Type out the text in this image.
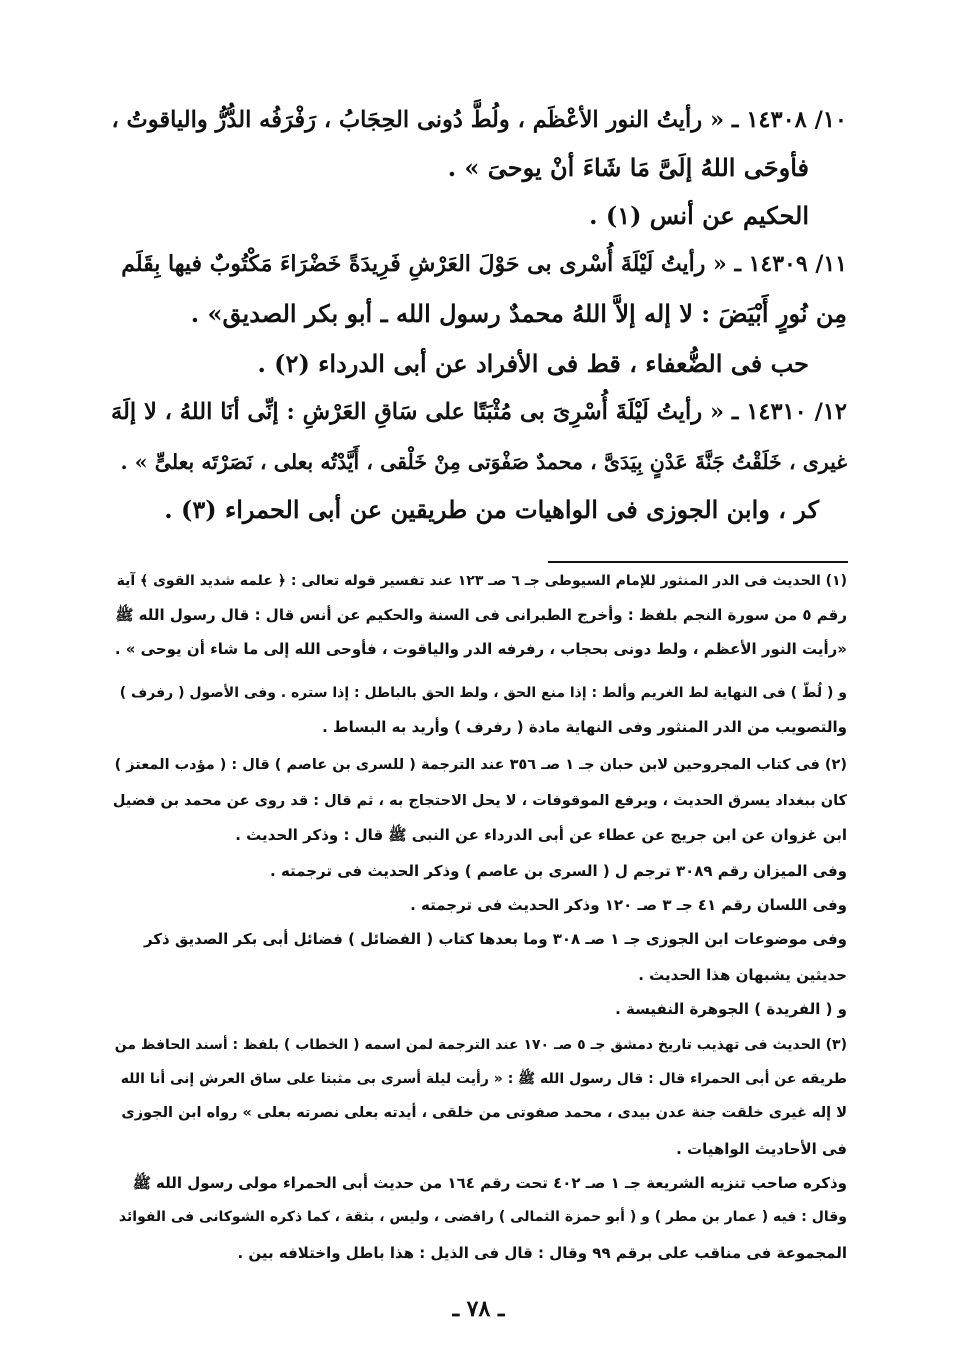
١٠/ ١٤٣٠٨ ـ « رأيتُ النور الأعْظَم ، ولُطَّ دُونى الحِجَابُ ، رَفْرَفُه الدُّرُّ والياقوتُ ،
فأوحَى اللهُ إلَىَّ مَا شَاءَ أنْ يوحىَ » .
الحكيم عن أنس (١) .
١١/ ١٤٣٠٩ ـ « رأيتُ لَيْلَةَ أُسْرى بى حَوْلَ العَرْشِ فَرِيدَةً خَضْرَاءَ مَكْتُوبٌ فيها بِقَلَم
مِن نُورٍ أَبْيَضَ : لا إله إلاَّ اللهُ محمدٌ رسول الله ـ أبو بكر الصديق» .
حب فى الضُّعفاء ، قط فى الأفراد عن أبى الدرداء (٢) .
١٢/ ١٤٣١٠ ـ « رأيتُ لَيْلَةَ أُسْرِىَ بى مُثْبَتًا على سَاقِ العَرْشِ : إنِّى أنَا اللهُ ، لا إلَهَ
غيرى ، خَلَقْتُ جَنَّةَ عَدْنٍ بِيَدَىَّ ، محمدٌ صَفْوَتى مِنْ خَلْقى ، أَيَّدْتُه بعلى ، نَصَرْتَه بعلىٍّ » .
كر ، وابن الجوزى فى الواهيات من طريقين عن أبى الحمراء (٣) .
(١) الحديث فى الدر المنثور للإمام السيوطى جـ ٦ صـ ١٢٣ عند تفسير قوله تعالى : ﴿ علمه شديد القوى ﴾ آية
رقم ٥ من سورة النجم بلفظ : وأخرج الطبرانى فى السنة والحكيم عن أنس قال : قال رسول الله ﷺ
«رأيت النور الأعظم ، ولط دونى بحجاب ، رفرفه الدر والياقوت ، فأوحى الله إلى ما شاء أن يوحى » .
و ( لُطّ ) فى النهاية لط الغريم وألط : إذا منع الحق ، ولط الحق بالباطل : إذا ستره . وفى الأصول ( رفرف )
والتصويب من الدر المنثور وفى النهاية مادة ( رفرف ) وأريد به البساط .
(٢) فى كتاب المجروحين لابن حبان جـ ١ صـ ٣٥٦ عند الترجمة ( للسرى بن عاصم ) قال : ( مؤدب المعتز )
كان ببغداد يسرق الحديث ، ويرفع الموقوفات ، لا يحل الاحتجاج به ، ثم قال : قد روى عن محمد بن فضيل
ابن غزوان عن ابن جريج عن عطاء عن أبى الدرداء عن النبى ﷺ قال : وذكر الحديث .
وفى الميزان رقم ٣٠٨٩ ترجم ل ( السرى بن عاصم ) وذكر الحديث فى ترجمته .
وفى اللسان رقم ٤١ جـ ٣ صـ ١٢٠ وذكر الحديث فى ترجمته .
وفى موضوعات ابن الجوزى جـ ١ صـ ٣٠٨ وما بعدها كتاب ( الفضائل ) فضائل أبى بكر الصديق ذكر
حديثين يشبهان هذا الحديث .
و ( الفريدة ) الجوهرة النفيسة .
(٣) الحديث فى تهذيب تاريخ دمشق جـ ٥ صـ ١٧٠ عند الترجمة لمن اسمه ( الخطاب ) بلفظ : أسند الحافظ من
طريقه عن أبى الحمراء قال : قال رسول الله ﷺ : « رأيت ليلة أسرى بى مثبتا على ساق العرش إنى أنا الله
لا إله غيرى خلقت جنة عدن بيدى ، محمد صفوتى من خلقى ، أيدته بعلى نصرته بعلى » رواه ابن الجوزى
فى الأحاديث الواهيات .
وذكره صاحب تنزيه الشريعة جـ ١ صـ ٤٠٢ تحت رقم ١٦٤ من حديث أبى الحمراء مولى رسول الله ﷺ
وقال : فيه ( عمار بن مطر ) و ( أبو حمزة الثمالى ) رافضى ، وليس ، بثقة ، كما ذكره الشوكانى فى الفوائد
المجموعة فى مناقب على برقم ٩٩ وقال : قال فى الذيل : هذا باطل واختلافه بين .
ـ ٧٨ ـ
